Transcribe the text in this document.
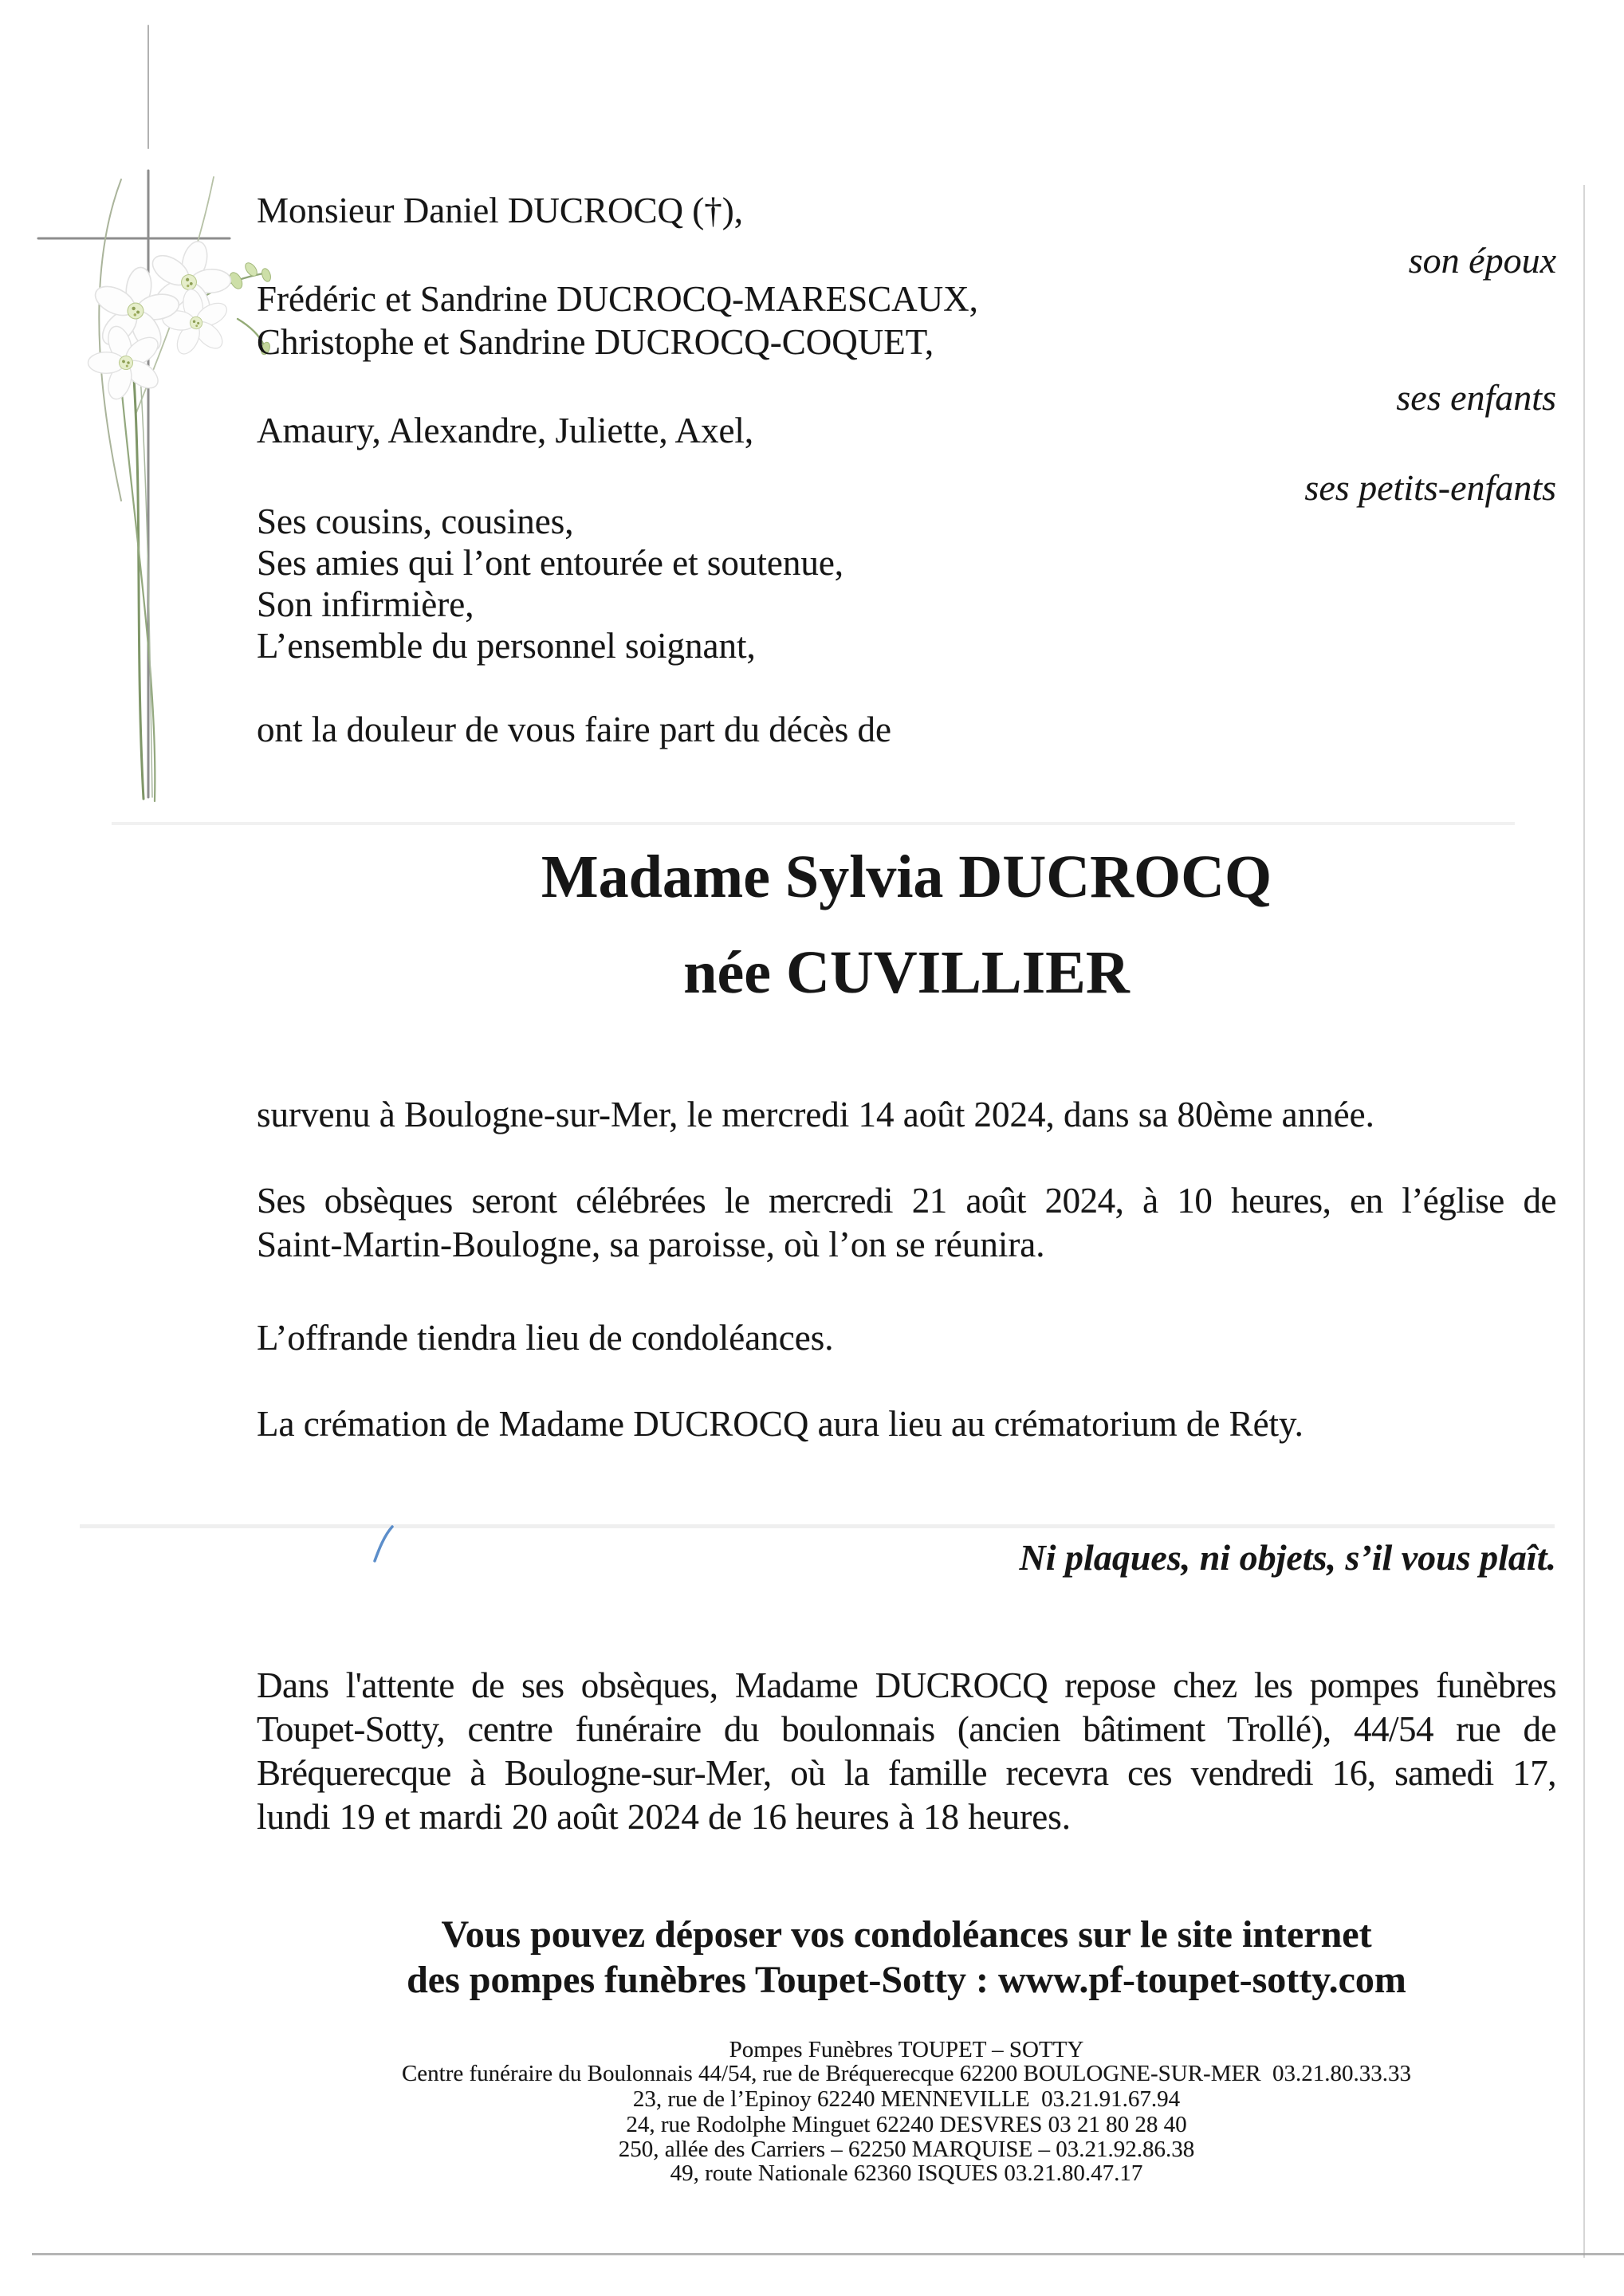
Monsieur Daniel DUCROCQ (†),
son époux
Frédéric et Sandrine DUCROCQ-MARESCAUX,
Christophe et Sandrine DUCROCQ-COQUET,
ses enfants
Amaury, Alexandre, Juliette, Axel,
ses petits-enfants
Ses cousins, cousines,
Ses amies qui l’ont entourée et soutenue,
Son infirmière,
L’ensemble du personnel soignant,
ont la douleur de vous faire part du décès de
Madame Sylvia DUCROCQ
née CUVILLIER
survenu à Boulogne-sur-Mer, le mercredi 14 août 2024, dans sa 80ème année.
Ses obsèques seront célébrées le mercredi 21 août 2024, à 10 heures, en l’église de
Saint-Martin-Boulogne, sa paroisse, où l’on se réunira.
L’offrande tiendra lieu de condoléances.
La crémation de Madame DUCROCQ aura lieu au crématorium de Réty.
Ni plaques, ni objets, s’il vous plaît.
Dans l'attente de ses obsèques, Madame DUCROCQ repose chez les pompes funèbres
Toupet-Sotty, centre funéraire du boulonnais (ancien bâtiment Trollé), 44/54 rue de
Bréquerecque à Boulogne-sur-Mer, où la famille recevra ces vendredi 16, samedi 17,
lundi 19 et mardi 20 août 2024 de 16 heures à 18 heures.
Vous pouvez déposer vos condoléances sur le site internet
des pompes funèbres Toupet-Sotty : www.pf-toupet-sotty.com
Pompes Funèbres TOUPET – SOTTY
Centre funéraire du Boulonnais 44/54, rue de Bréquerecque 62200 BOULOGNE-SUR-MER  03.21.80.33.33
23, rue de l’Epinoy 62240 MENNEVILLE  03.21.91.67.94
24, rue Rodolphe Minguet 62240 DESVRES 03 21 80 28 40
250, allée des Carriers – 62250 MARQUISE – 03.21.92.86.38
49, route Nationale 62360 ISQUES 03.21.80.47.17
